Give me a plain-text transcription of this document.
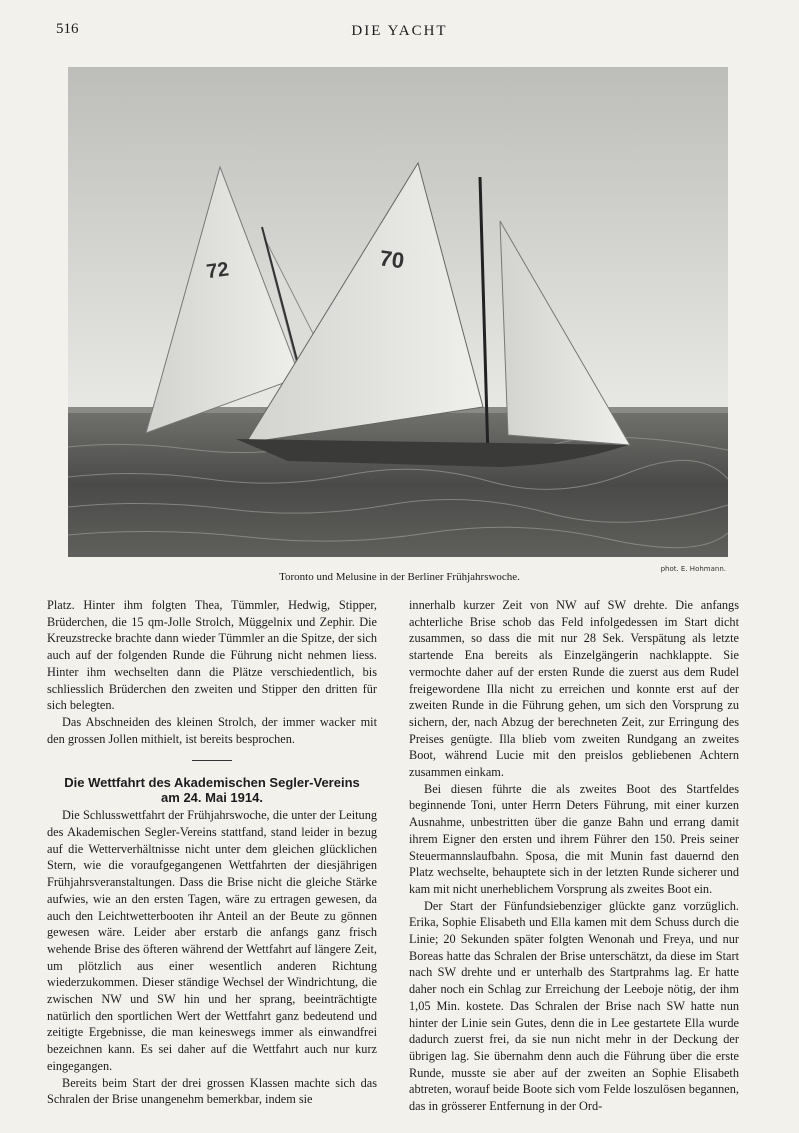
516	DIE YACHT
72	70
phot. E. Hohmann.
Toronto und Melusine in der Berliner Frühjahrswoche.

Platz. Hinter ihm folgten Thea, Tümmler, Hedwig, Stipper, Brüderchen, die 15 qm-Jolle Strolch, Müggelnix und Zephir. Die Kreuzstrecke brachte dann wieder Tümmler an die Spitze, der sich auch auf der folgenden Runde die Führung nicht nehmen liess. Hinter ihm wechselten dann die Plätze verschiedentlich, bis schliesslich Brüderchen den zweiten und Stipper den dritten für sich belegten.

Das Abschneiden des kleinen Strolch, der immer wacker mit den grossen Jollen mithielt, ist bereits besprochen.

Die Wettfahrt des Akademischen Segler-Vereins
am 24. Mai 1914.

Die Schlusswettfahrt der Frühjahrswoche, die unter der Leitung des Akademischen Segler-Vereins stattfand, stand leider in bezug auf die Wetterverhältnisse nicht unter dem gleichen glücklichen Stern, wie die voraufgegangenen Wettfahrten der diesjährigen Frühjahrsveranstaltungen. Dass die Brise nicht die gleiche Stärke aufwies, wie an den ersten Tagen, wäre zu ertragen gewesen, da auch den Leichtwetterbooten ihr Anteil an der Beute zu gönnen gewesen wäre. Leider aber erstarb die anfangs ganz frisch wehende Brise des öfteren während der Wettfahrt auf längere Zeit, um plötzlich aus einer wesentlich anderen Richtung wiederzukommen. Dieser ständige Wechsel der Windrichtung, die zwischen NW und SW hin und her sprang, beeinträchtigte natürlich den sportlichen Wert der Wettfahrt ganz bedeutend und zeitigte Ergebnisse, die man keineswegs immer als einwandfrei bezeichnen kann. Es sei daher auf die Wettfahrt auch nur kurz eingegangen.

Bereits beim Start der drei grossen Klassen machte sich das Schralen der Brise unangenehm bemerkbar, indem sie

innerhalb kurzer Zeit von NW auf SW drehte. Die anfangs achterliche Brise schob das Feld infolgedessen im Start dicht zusammen, so dass die mit nur 28 Sek. Verspätung als letzte startende Ena bereits als Einzelgängerin nachklappte. Sie vermochte daher auf der ersten Runde die zuerst aus dem Rudel freigewordene Illa nicht zu erreichen und konnte erst auf der zweiten Runde in die Führung gehen, um sich den Vorsprung zu sichern, der, nach Abzug der berechneten Zeit, zur Erringung des Preises genügte. Illa blieb vom zweiten Rundgang an zweites Boot, während Lucie mit den preislos gebliebenen Achtern zusammen einkam.

Bei diesen führte die als zweites Boot des Startfeldes beginnende Toni, unter Herrn Deters Führung, mit einer kurzen Ausnahme, unbestritten über die ganze Bahn und errang damit ihrem Eigner den ersten und ihrem Führer den 150. Preis seiner Steuermannslaufbahn. Sposa, die mit Munin fast dauernd den Platz wechselte, behauptete sich in der letzten Runde sicherer und kam mit nicht unerheblichem Vorsprung als zweites Boot ein.

Der Start der Fünfundsiebenziger glückte ganz vorzüglich. Erika, Sophie Elisabeth und Ella kamen mit dem Schuss durch die Linie; 20 Sekunden später folgten Wenonah und Freya, und nur Boreas hatte das Schralen der Brise unterschätzt, da diese im Start nach SW drehte und er unterhalb des Startprahms lag. Er hatte daher noch ein Schlag zur Erreichung der Leeboje nötig, der ihm 1,05 Min. kostete. Das Schralen der Brise nach SW hatte nun hinter der Linie sein Gutes, denn die in Lee gestartete Ella wurde dadurch zuerst frei, da sie nun nicht mehr in der Deckung der übrigen lag. Sie übernahm denn auch die Führung über die erste Runde, musste sie aber auf der zweiten an Sophie Elisabeth abtreten, worauf beide Boote sich vom Felde loszulösen begannen, das in grösserer Entfernung in der Ord-
